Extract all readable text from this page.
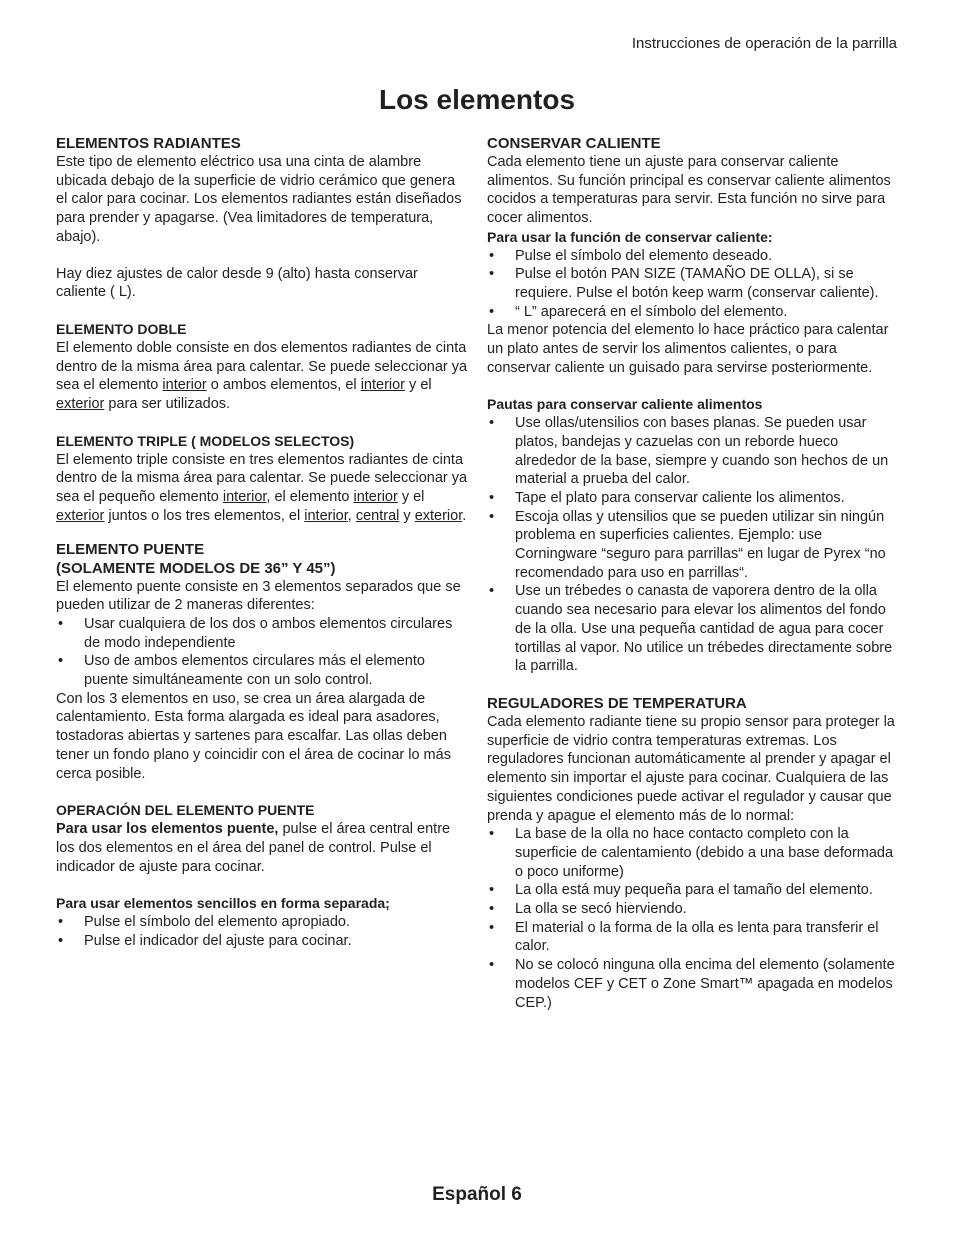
Instrucciones de operación de la parrilla
Los elementos
ELEMENTOS RADIANTES

Este tipo de elemento eléctrico usa una cinta de alambre ubicada debajo de la superficie de vidrio cerámico que genera el calor para cocinar. Los elementos radiantes están diseñados para prender y apagarse. (Vea limitadores de temperatura, abajo).

Hay diez ajustes de calor desde 9 (alto) hasta conservar caliente ( L).

ELEMENTO DOBLE

El elemento doble consiste en dos elementos radiantes de cinta dentro de la misma área para calentar. Se puede seleccionar ya sea el elemento interior o ambos elementos, el interior y el exterior para ser utilizados.

ELEMENTO TRIPLE ( MODELOS SELECTOS)

El elemento triple consiste en tres elementos radiantes de cinta dentro de la misma área para calentar. Se puede seleccionar ya sea el pequeño elemento interior, el elemento interior y el exterior juntos o los tres elementos, el interior, central y exterior.

ELEMENTO PUENTE
(SOLAMENTE MODELOS DE 36” Y 45”)

El elemento puente consiste en 3 elementos separados que se pueden utilizar de 2 maneras diferentes:

• Usar cualquiera de los dos o ambos elementos circulares de modo independiente
• Uso de ambos elementos circulares más el elemento puente simultáneamente con un solo control.

Con los 3 elementos en uso, se crea un área alargada de calentamiento. Esta forma alargada es ideal para asadores, tostadoras abiertas y sartenes para escalfar. Las ollas deben tener un fondo plano y coincidir con el área de cocinar lo más cerca posible.

OPERACIÓN DEL ELEMENTO PUENTE

Para usar los elementos puente, pulse el área central entre los dos elementos en el área del panel de control. Pulse el indicador de ajuste para cocinar.

Para usar elementos sencillos en forma separada;
• Pulse el símbolo del elemento apropiado.
• Pulse el indicador del ajuste para cocinar.
CONSERVAR CALIENTE

Cada elemento tiene un ajuste para conservar caliente alimentos. Su función principal es conservar caliente alimentos cocidos a temperaturas para servir. Esta función no sirve para cocer alimentos.

Para usar la función de conservar caliente:
• Pulse el símbolo del elemento deseado.
• Pulse el botón PAN SIZE (TAMAÑO DE OLLA), si se requiere. Pulse el botón keep warm (conservar caliente).
• “ L” aparecerá en el símbolo del elemento.

La menor potencia del elemento lo hace práctico para calentar un plato antes de servir los alimentos calientes, o para conservar caliente un guisado para servirse posteriormente.

Pautas para conservar caliente alimentos
• Use ollas/utensilios con bases planas. Se pueden usar platos, bandejas y cazuelas con un reborde hueco alrededor de la base, siempre y cuando son hechos de un material a prueba del calor.
• Tape el plato para conservar caliente los alimentos.
• Escoja ollas y utensilios que se pueden utilizar sin ningún problema en superficies calientes. Ejemplo: use Corningware “seguro para parrillas“ en lugar de Pyrex “no recomendado para uso en parrillas“.
• Use un trébedes o canasta de vaporera dentro de la olla cuando sea necesario para elevar los alimentos del fondo de la olla. Use una pequeña cantidad de agua para cocer tortillas al vapor. No utilice un trébedes directamente sobre la parrilla.
REGULADORES DE TEMPERATURA

Cada elemento radiante tiene su propio sensor para proteger la superficie de vidrio contra temperaturas extremas. Los reguladores funcionan automáticamente al prender y apagar el elemento sin importar el ajuste para cocinar. Cualquiera de las siguientes condiciones puede activar el regulador y causar que prenda y apague el elemento más de lo normal:

• La base de la olla no hace contacto completo con la superficie de calentamiento (debido a una base deformada o poco uniforme)
• La olla está muy pequeña para el tamaño del elemento.
• La olla se secó hierviendo.
• El material o la forma de la olla es lenta para transferir el calor.
• No se colocó ninguna olla encima del elemento (solamente modelos CEF y CET o Zone Smart™ apagada en modelos CEP.)
Español 6
